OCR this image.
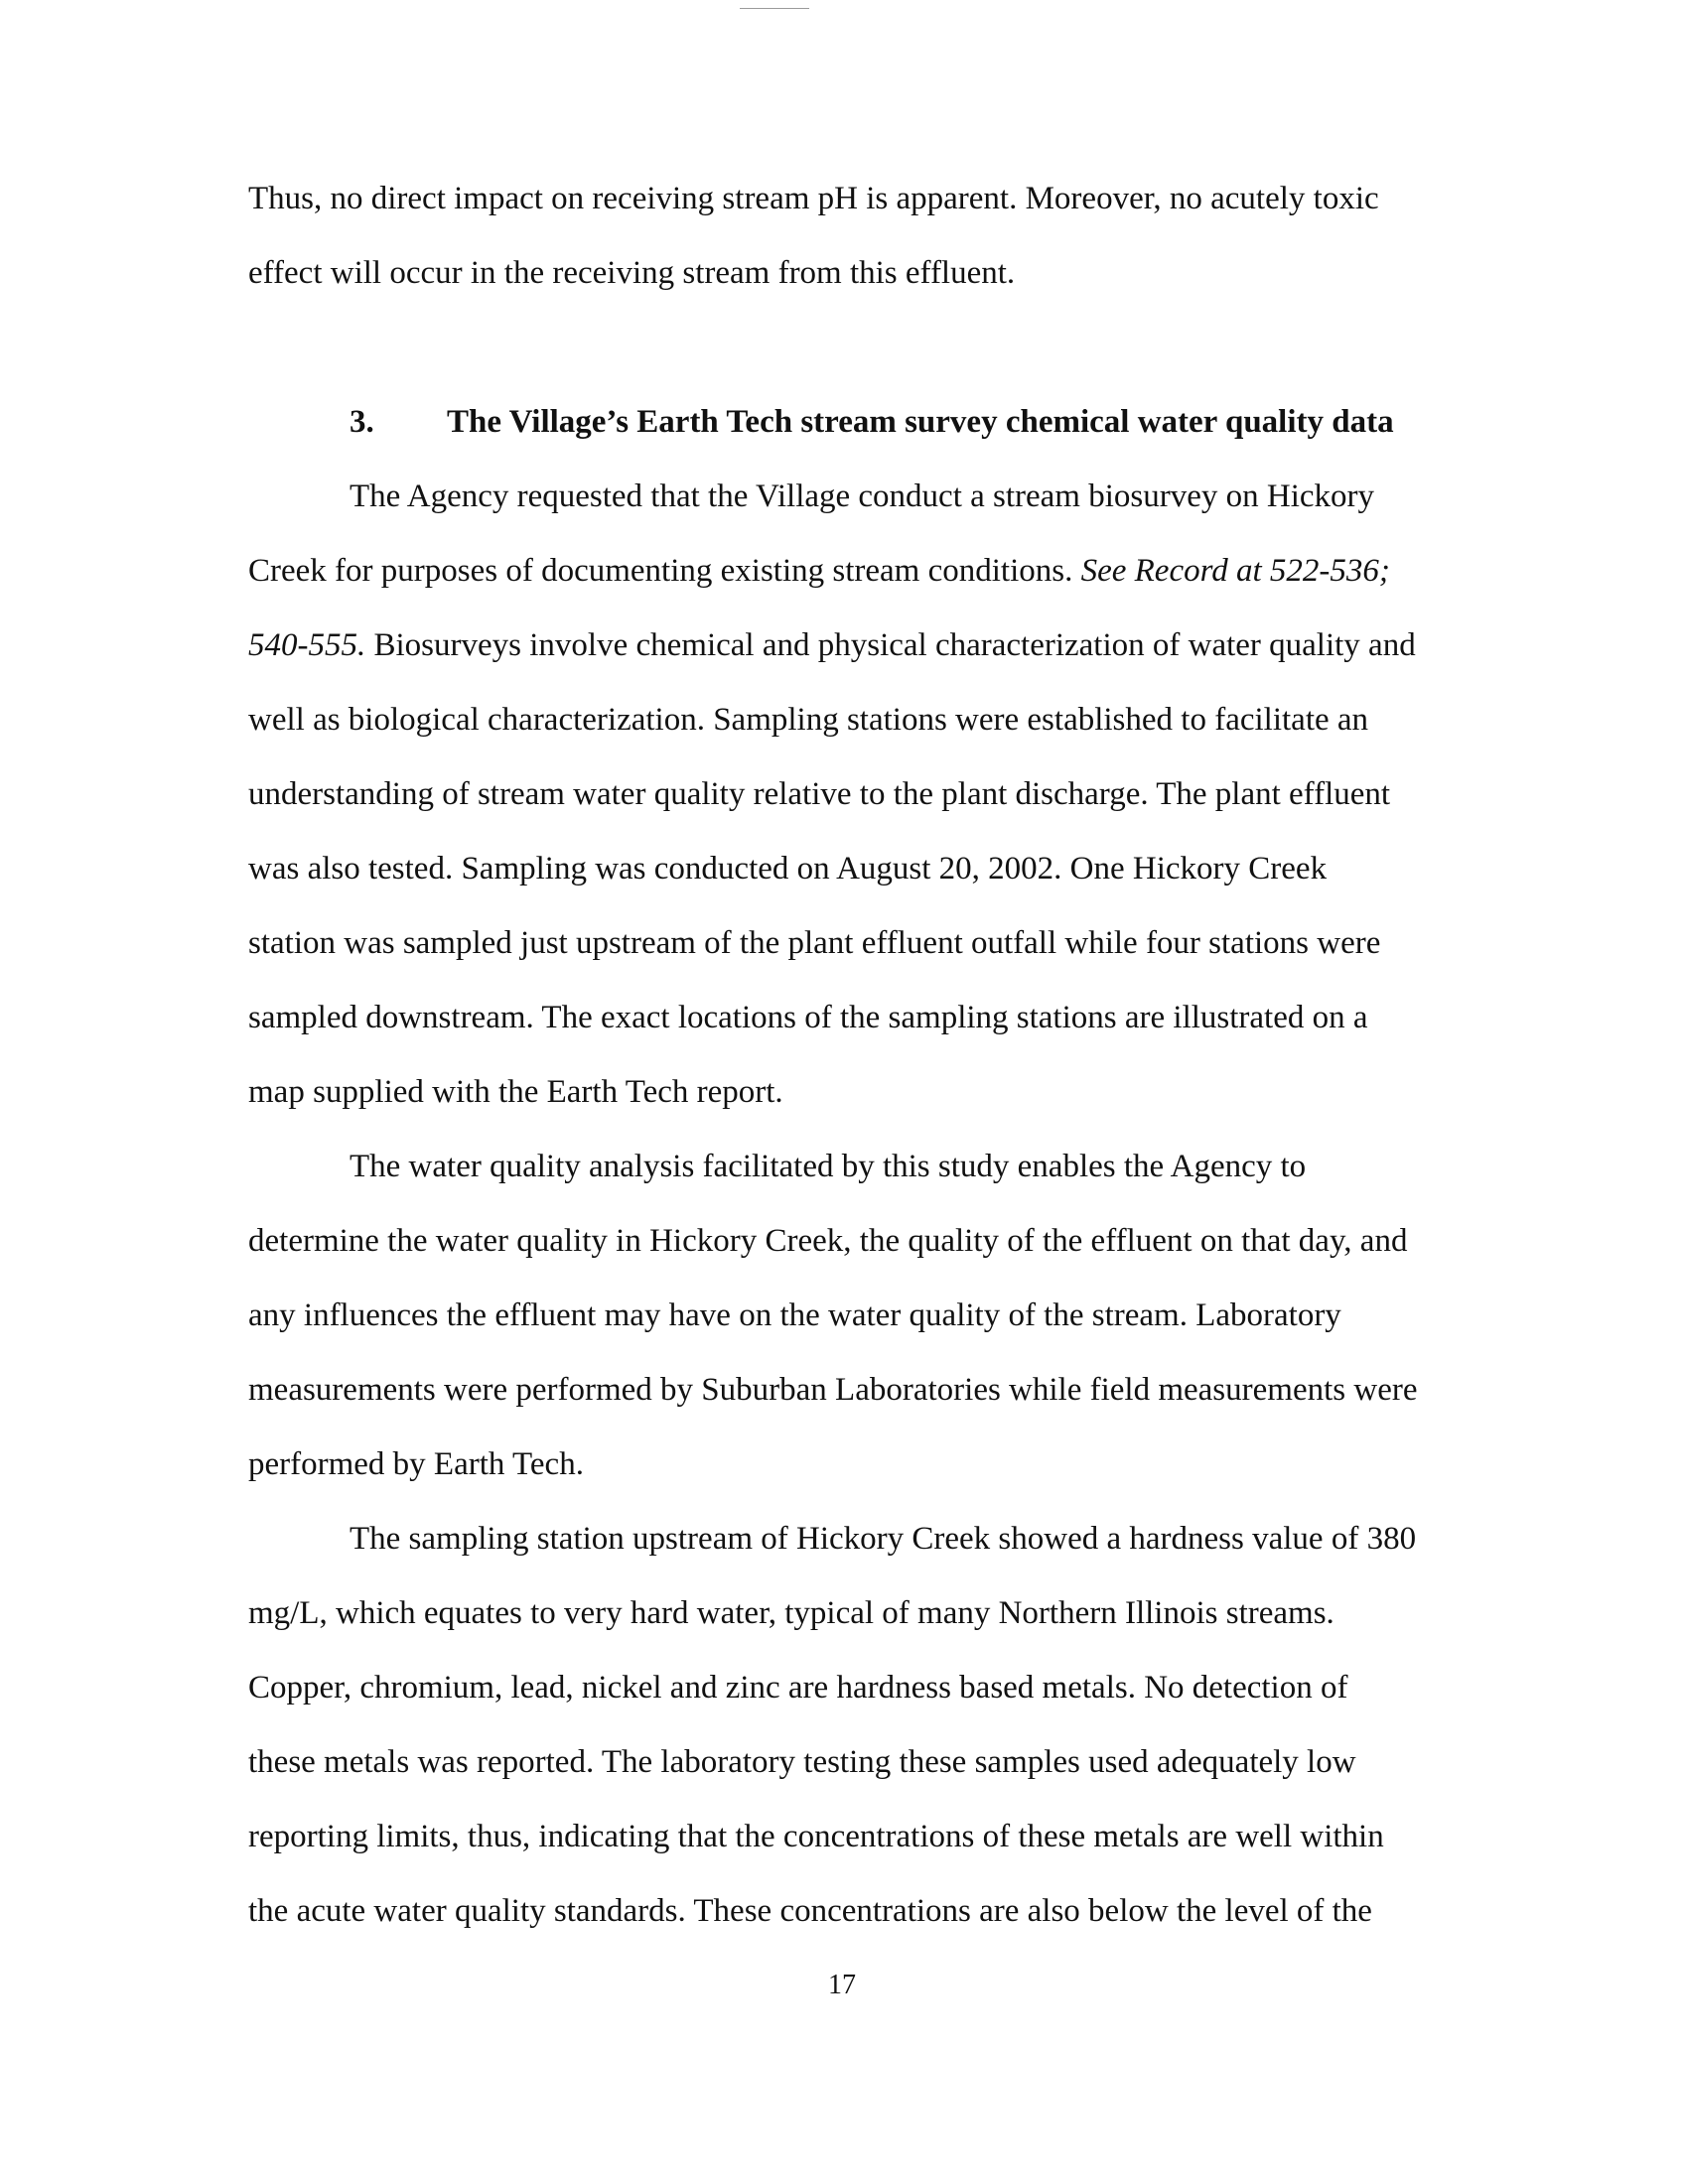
Thus, no direct impact on receiving stream pH is apparent. Moreover, no acutely toxic
effect will occur in the receiving stream from this effluent.
3. The Village’s Earth Tech stream survey chemical water quality data
The Agency requested that the Village conduct a stream biosurvey on Hickory
Creek for purposes of documenting existing stream conditions. See Record at 522-536;
540-555. Biosurveys involve chemical and physical characterization of water quality and
well as biological characterization. Sampling stations were established to facilitate an
understanding of stream water quality relative to the plant discharge. The plant effluent
was also tested. Sampling was conducted on August 20, 2002. One Hickory Creek
station was sampled just upstream of the plant effluent outfall while four stations were
sampled downstream. The exact locations of the sampling stations are illustrated on a
map supplied with the Earth Tech report.
The water quality analysis facilitated by this study enables the Agency to
determine the water quality in Hickory Creek, the quality of the effluent on that day, and
any influences the effluent may have on the water quality of the stream. Laboratory
measurements were performed by Suburban Laboratories while field measurements were
performed by Earth Tech.
The sampling station upstream of Hickory Creek showed a hardness value of 380
mg/L, which equates to very hard water, typical of many Northern Illinois streams.
Copper, chromium, lead, nickel and zinc are hardness based metals. No detection of
these metals was reported. The laboratory testing these samples used adequately low
reporting limits, thus, indicating that the concentrations of these metals are well within
the acute water quality standards. These concentrations are also below the level of the
17
